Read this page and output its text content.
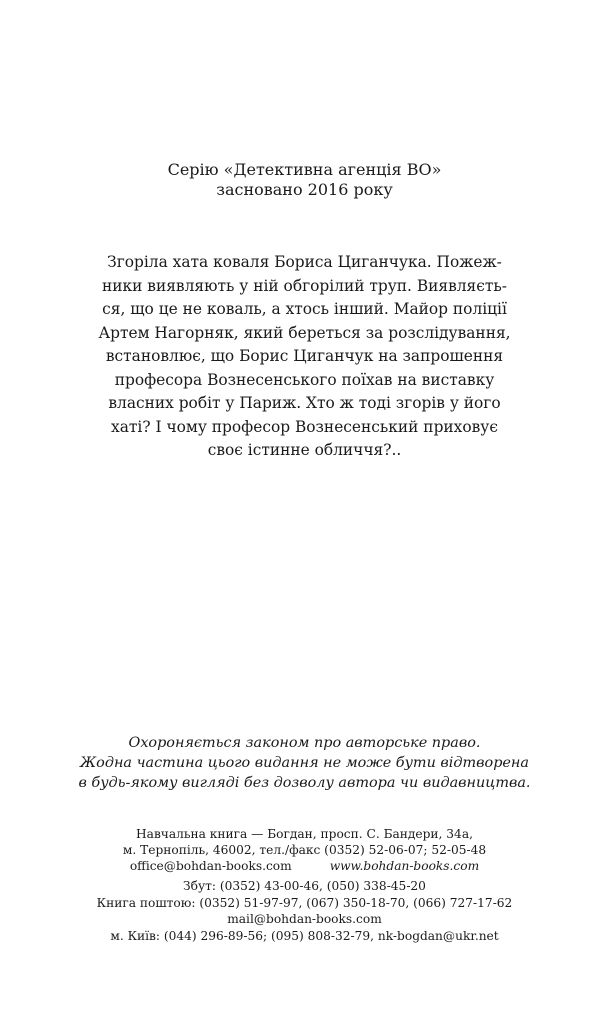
Серію «Детективна агенція ВО»
засновано 2016 року
Згоріла хата коваля Бориса Циганчука. Пожеж-
ники виявляють у ній обгорілий труп. Виявляєть-
ся, що це не коваль, а хтось інший. Майор поліції
Артем Нагорняк, який береться за розслідування,
встановлює, що Борис Циганчук на запрошення
професора Вознесенського поїхав на виставку
власних робіт у Париж. Хто ж тоді згорів у його
хаті? І чому професор Вознесенський приховує
своє істинне обличчя?..
Охороняється законом про авторське право.
Жодна частина цього видання не може бути відтворена
в будь-якому вигляді без дозволу автора чи видавництва.
Навчальна книга — Богдан, просп. С. Бандери, 34а,
м. Тернопіль, 46002, тел./факс (0352) 52-06-07; 52-05-48
office@bohdan-books.com	www.bohdan-books.com
Збут: (0352) 43-00-46, (050) 338-45-20
Книга поштою: (0352) 51-97-97, (067) 350-18-70, (066) 727-17-62
mail@bohdan-books.com
м. Київ: (044) 296-89-56; (095) 808-32-79, nk-bogdan@ukr.net
